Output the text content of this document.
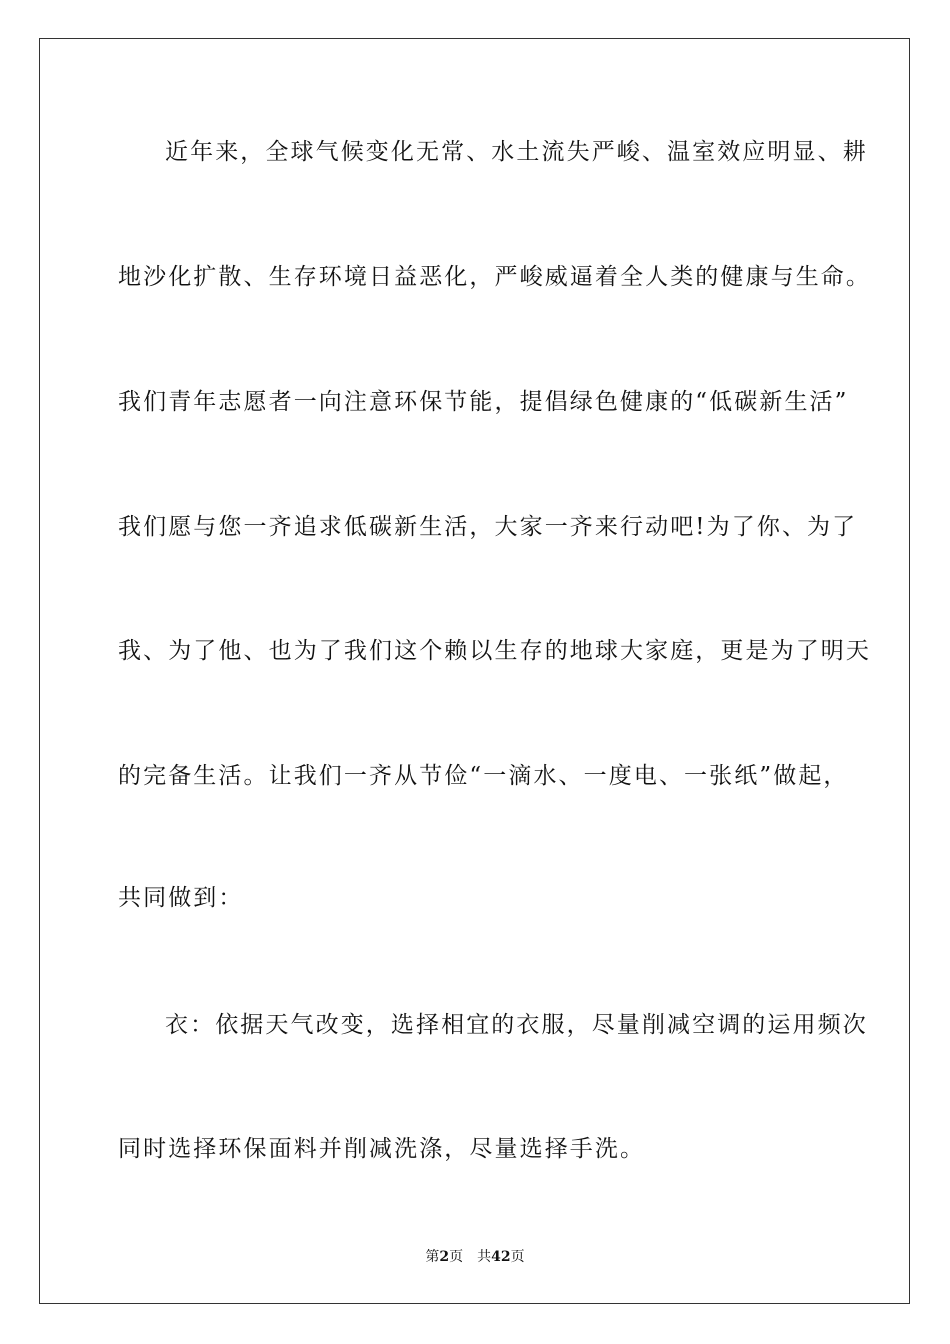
近年来，全球气候变化无常、水土流失严峻、温室效应明显、耕
地沙化扩散、生存环境日益恶化，严峻威逼着全人类的健康与生命。
我们青年志愿者一向注意环保节能，提倡绿色健康的“低碳新生活”
我们愿与您一齐追求低碳新生活，大家一齐来行动吧!为了你、为了
我、为了他、也为了我们这个赖以生存的地球大家庭，更是为了明天
的完备生活。让我们一齐从节俭“一滴水、一度电、一张纸”做起，
共同做到：
衣：依据天气改变，选择相宜的衣服，尽量削减空调的运用频次
同时选择环保面料并削减洗涤，尽量选择手洗。
第2页 共42页
